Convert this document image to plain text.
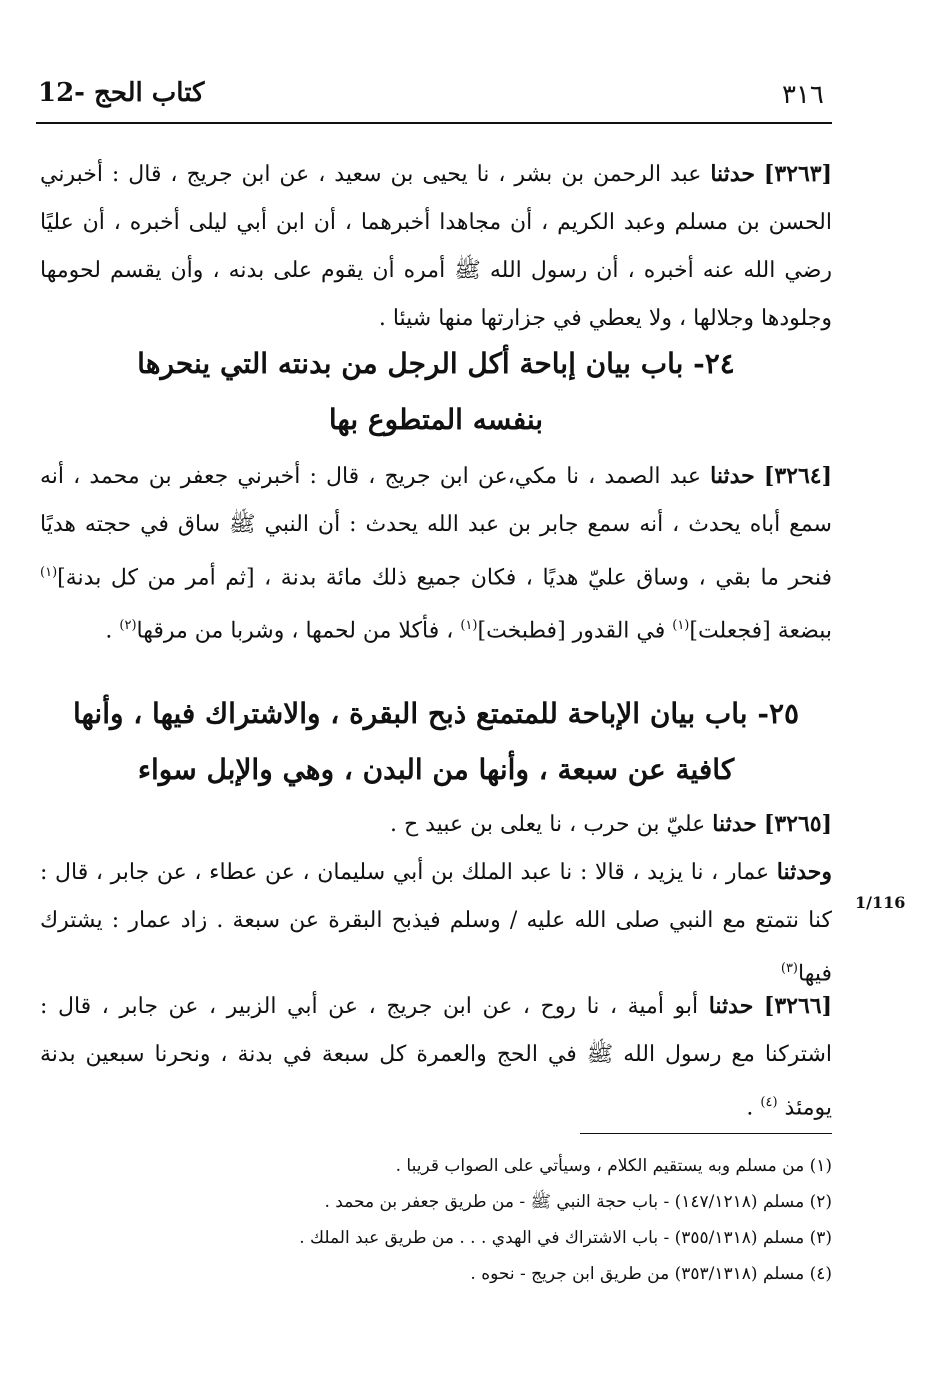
٣١٦
12- كتاب الحج
[٣٢٦٣] حدثنا عبد الرحمن بن بشر ، نا يحيى بن سعيد ، عن ابن جريج ، قال : أخبرني الحسن بن مسلم وعبد الكريم ، أن مجاهدا أخبرهما ، أن ابن أبي ليلى أخبره ، أن عليًا رضي الله عنه أخبره ، أن رسول الله ﷺ أمره أن يقوم على بدنه ، وأن يقسم لحومها وجلودها وجلالها ، ولا يعطي في جزارتها منها شيئا .
٢٤- باب بيان إباحة أكل الرجل من بدنته التي ينحرها
بنفسه المتطوع بها
[٣٢٦٤] حدثنا عبد الصمد ، نا مكي،عن ابن جريج ، قال : أخبرني جعفر بن محمد ، أنه سمع أباه يحدث ، أنه سمع جابر بن عبد الله يحدث : أن النبي ﷺ ساق في حجته هديًا فنحر ما بقي ، وساق عليّ هديًا ، فكان جميع ذلك مائة بدنة ، [ثم أمر من كل بدنة]$^{(١)}$ ببضعة [فجعلت]$^{(١)}$ في القدور [فطبخت]$^{(١)}$ ، فأكلا من لحمها ، وشربا من مرقها$^{(٢)}$ .
٢٥- باب بيان الإباحة للمتمتع ذبح البقرة ، والاشتراك فيها ، وأنها
كافية عن سبعة ، وأنها من البدن ، وهي والإبل سواء
[٣٢٦٥] حدثنا عليّ بن حرب ، نا يعلى بن عبيد ح .
وحدثنا عمار ، نا يزيد ، قالا : نا عبد الملك بن أبي سليمان ، عن عطاء ، عن جابر ، قال : كنا نتمتع مع النبي صلى الله عليه / وسلم فيذبح البقرة عن سبعة . زاد عمار : يشترك فيها$^{(٣)}$
1/116
[٣٢٦٦] حدثنا أبو أمية ، نا روح ، عن ابن جريج ، عن أبي الزبير ، عن جابر ، قال : اشتركنا مع رسول الله ﷺ في الحج والعمرة كل سبعة في بدنة ، ونحرنا سبعين بدنة يومئذ $^{(٤)}$ .
(١) من مسلم وبه يستقيم الكلام ، وسيأتي على الصواب قريبا .
(٢) مسلم (١٤٧/١٢١٨) - باب حجة النبي ﷺ - من طريق جعفر بن محمد .
(٣) مسلم (٣٥٥/١٣١٨) - باب الاشتراك في الهدي . . . من طريق عبد الملك .
(٤) مسلم (٣٥٣/١٣١٨) من طريق ابن جريج - نحوه .
